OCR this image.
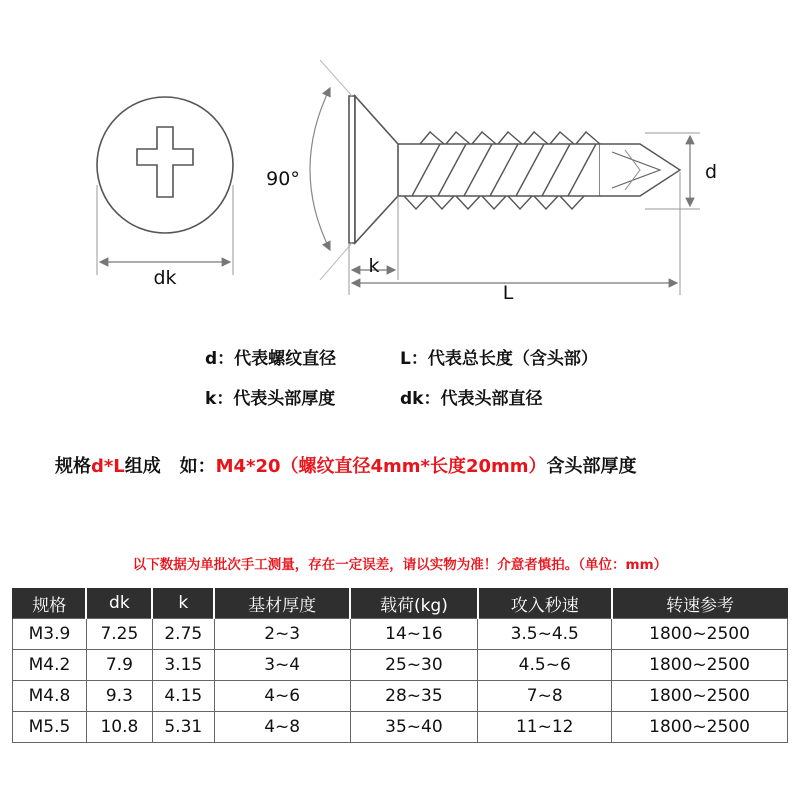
dk
90°	d
k
L
d：代表螺纹直径	L：代表总长度（含头部）
k：代表头部厚度	dk：代表头部直径
规格d*L组成   如：M4*20（螺纹直径4mm*长度20mm）含头部厚度
以下数据为单批次手工测量，存在一定误差，请以实物为准！介意者慎拍。（单位：mm）
规格	dk	k	基材厚度	载荷(kg)	攻入秒速	转速参考
M3.9	7.25	2.75	2~3	14~16	3.5~4.5	1800~2500
M4.2	7.9	3.15	3~4	25~30	4.5~6	1800~2500
M4.8	9.3	4.15	4~6	28~35	7~8	1800~2500
M5.5	10.8	5.31	4~8	35~40	11~12	1800~2500
